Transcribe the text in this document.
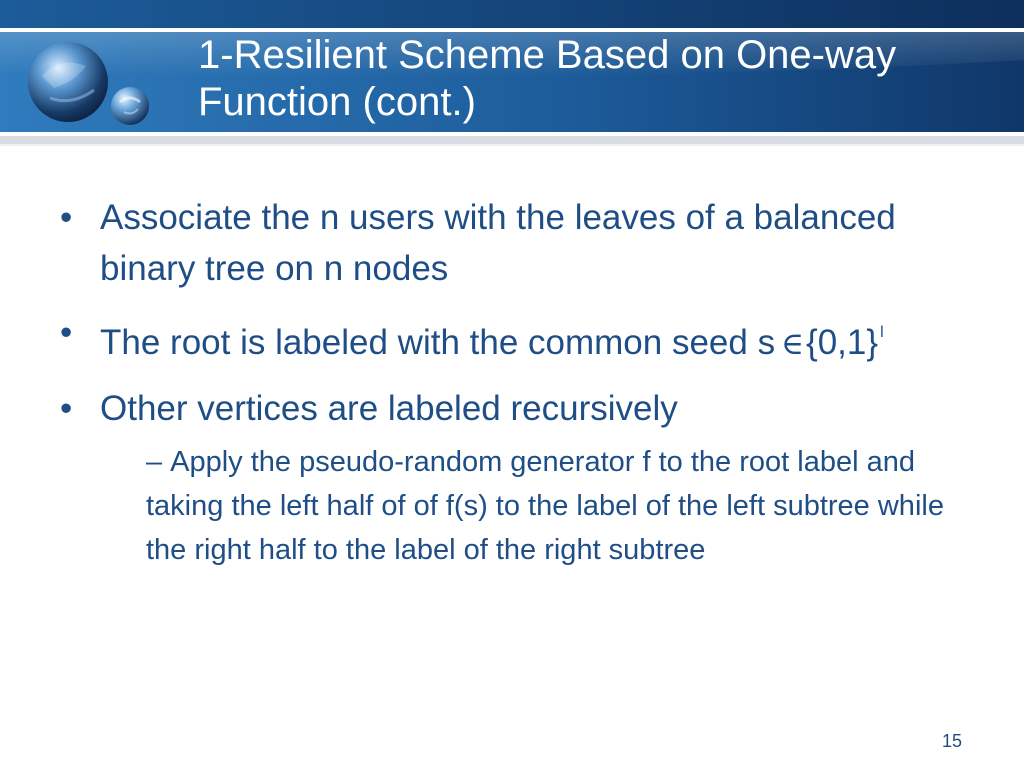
1-Resilient Scheme Based on One-way Function (cont.)
• Associate the n users with the leaves of a balanced binary tree on n nodes
• The root is labeled with the common seed s ∈{0,1} $^l$
• Other vertices are labeled recursively
– Apply the pseudo-random generator f to the root label and taking the left half of of f(s) to the label of the left subtree while the right half to the label of the right subtree
15
